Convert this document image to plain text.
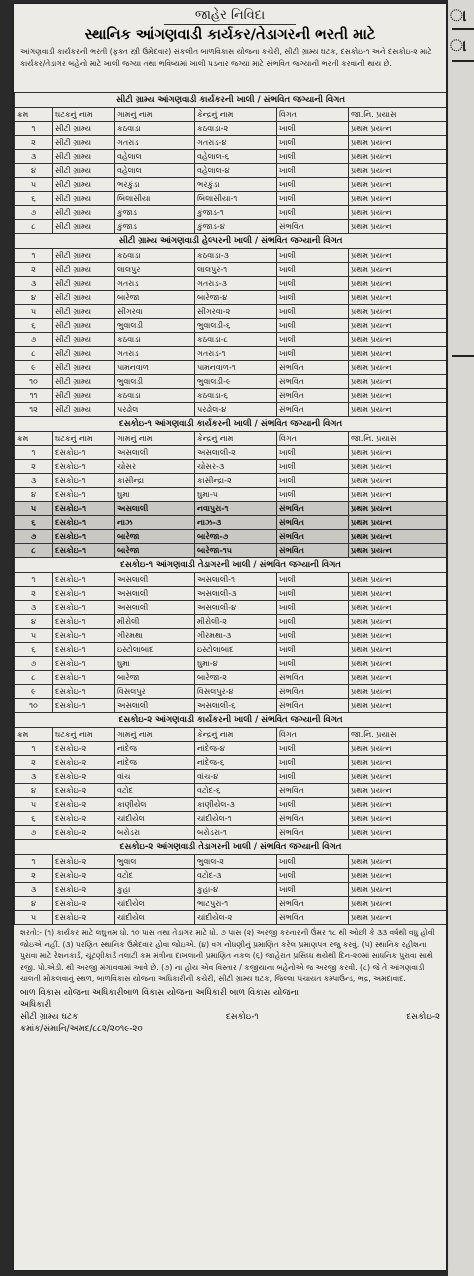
ા
ા
જાહેર નિવિદા
સ્થાનિક આંગણવાડી કાર્યકર/તેડાગરની ભરતી માટે
આંગણવાડી કાર્યકરની ભરતી (ફક્ત સ્ત્રી ઉમેદવાર) સંકલીત બાળવિકાસ યોજના કચેરી, સીટી ગ્રામ્ય ઘટક, દસકોઇ-૧ અને દસકોઇ-૨ માટે કાર્યકર/તેડાગર બહેનો માટે ખાલી જગ્યા તથા ભવિષ્યમાં ખાલી પડનાર જગ્યા માટે સંભવિત જગ્યાની ભરતી કરવાની થાય છે.
સીટી ગ્રામ્ય આંગણવાડી કાર્યકરની ખાલી / સંભવિત જગ્યાની વિગત					
ક્રમ	ઘટકનું નામ	ગામનું નામ	કેન્દ્રનું નામ	વિગત	જા.નિ. પ્રયાસ
૧	સીટી ગ્રામ્ય	કઠવાડા	કઠવાડા-૨	ખાલી	પ્રથમ પ્રયત્ન
૨	સીટી ગ્રામ્ય	ગતરાડ	ગતરાડ-૪	ખાલી	પ્રથમ પ્રયત્ન
૩	સીટી ગ્રામ્ય	વહેલાલ	વહેલાલ-૬	ખાલી	પ્રથમ પ્રયત્ન
૪	સીટી ગ્રામ્ય	વહેલાલ	વહેલાલ-૪	ખાલી	પ્રથમ પ્રયત્ન
૫	સીટી ગ્રામ્ય	ભરકુંડા	ભરકુંડા	ખાલી	પ્રથમ પ્રયત્ન
૬	સીટી ગ્રામ્ય	બિલાસીયા	બિલાસીયા-૧	ખાલી	પ્રથમ પ્રયત્ન
૭	સીટી ગ્રામ્ય	કુંજાડ	કુંજાડ-૧	ખાલી	પ્રથમ પ્રયત્ન
૮	સીટી ગ્રામ્ય	કુંજાડ	કુંજાડ-૪	સંભવિત	પ્રથમ પ્રયત્ન
સીટી ગ્રામ્ય આંગણવાડી હેલ્પરની ખાલી / સંભવિત જગ્યાની વિગત					
૧	સીટી ગ્રામ્ય	કઠવાડા	કઠવાડા-૩	ખાલી	પ્રથમ પ્રયત્ન
૨	સીટી ગ્રામ્ય	લાલપુર	લાલપુર-૧	ખાલી	પ્રથમ પ્રયત્ન
૩	સીટી ગ્રામ્ય	ગતરાડ	ગતરાડ-૩	ખાલી	પ્રથમ પ્રયત્ન
૪	સીટી ગ્રામ્ય	બારેજા	બારેજા-૪	ખાલી	પ્રથમ પ્રયત્ન
૫	સીટી ગ્રામ્ય	સીંગરવા	સીંગરવા-૨	ખાલી	પ્રથમ પ્રયત્ન
૬	સીટી ગ્રામ્ય	ભુવાલડી	ભુવાલડી-૬	ખાલી	પ્રથમ પ્રયત્ન
૭	સીટી ગ્રામ્ય	કઠવાડા	કઠવાડા-૮	ખાલી	પ્રથમ પ્રયત્ન
૮	સીટી ગ્રામ્ય	ગતરાડ	ગતરાડ-૧	ખાલી	પ્રથમ પ્રયત્ન
૯	સીટી ગ્રામ્ય	પામનવાળ	પામનવાળ-૧	સંભવિત	પ્રથમ પ્રયત્ન
૧૦	સીટી ગ્રામ્ય	ભુવાલડી	ભુવાલડી-૯	સંભવિત	પ્રથમ પ્રયત્ન
૧૧	સીટી ગ્રામ્ય	કઠવાડા	કઠવાડા-૬	સંભવિત	પ્રથમ પ્રયત્ન
૧૨	સીટી ગ્રામ્ય	પરઢોલ	પરઢોલ-૪	સંભવિત	પ્રથમ પ્રયત્ન
દસકોઇ-૧ આંગણવાડી કાર્યકરની ખાલી / સંભવિત જગ્યાની વિગત					
ક્રમ	ઘટકનું નામ	ગામનું નામ	કેન્દ્રનું નામ	વિગત	જા.નિ. પ્રયાસ
૧	દસકોઇ-૧	અસલાલી	અસલાલી-૨	ખાલી	પ્રથમ પ્રયત્ન
૨	દસકોઇ-૧	ચોસર	ચોસર-૩	ખાલી	પ્રથમ પ્રયત્ન
૩	દસકોઇ-૧	કાસીન્દ્રા	કાસીન્દ્રા-૨	ખાલી	પ્રથમ પ્રયત્ન
૪	દસકોઇ-૧	ઘુમા	ઘુમા-૫	ખાલી	પ્રથમ પ્રયત્ન
૫	દસકોઇ-૧	અસલાલી	નવાપુરા-૧	સંભવિત	પ્રથમ પ્રયત્ન
૬	દસકોઇ-૧	નાઝ	નાઝ-૩	સંભવિત	પ્રથમ પ્રયત્ન
૭	દસકોઇ-૧	બારેજા	બારેજા-૭	સંભવિત	પ્રથમ પ્રયત્ન
૮	દસકોઇ-૧	બારેજા	બારેજા-૧૫	સંભવિત	પ્રથમ પ્રયત્ન
દસકોઇ-૧ આંગણવાડી તેડાગરની ખાલી / સંભવિત જગ્યાની વિગત					
૧	દસકોઇ-૧	અસલાલી	અસલાલી-૧	ખાલી	પ્રથમ પ્રયત્ન
૨	દસકોઇ-૧	અસલાલી	અસલાલી-૩	ખાલી	પ્રથમ પ્રયત્ન
૩	દસકોઇ-૧	અસલાલી	અસલાલી-૪	ખાલી	પ્રથમ પ્રયત્ન
૪	દસકોઇ-૧	મીરોલી	મીરોલી-૨	ખાલી	પ્રથમ પ્રયત્ન
૫	દસકોઇ-૧	ગીરમથા	ગીરમથા-૩	ખાલી	પ્રથમ પ્રયત્ન
૬	દસકોઇ-૧	ઇસ્ટોલાબાદ	ઇસ્ટોલાબાદ	ખાલી	પ્રથમ પ્રયત્ન
૭	દસકોઇ-૧	ઘુમા	ઘુમા-૪	ખાલી	પ્રથમ પ્રયત્ન
૮	દસકોઇ-૧	બારેજા	બારેજા-૨	સંભવિત	પ્રથમ પ્રયત્ન
૯	દસકોઇ-૧	વિસલપુર	વિસલપુર-૪	સંભવિત	પ્રથમ પ્રયત્ન
૧૦	દસકોઇ-૧	અસલાલી	અસલાલી-૬	સંભવિત	પ્રથમ પ્રયત્ન
દસકોઇ-૨ આંગણવાડી કાર્યકરની ખાલી / સંભવિત જગ્યાની વિગત					
ક્રમ	ઘટકનું નામ	ગામનું નામ	કેન્દ્રનું નામ	વિગત	જા.નિ. પ્રયાસ
૧	દસકોઇ-૨	નાંદેજ	નાંદેજ-૪	ખાલી	પ્રથમ પ્રયત્ન
૨	દસકોઇ-૨	નાંદેજ	નાંદેજ-૬	ખાલી	પ્રથમ પ્રયત્ન
૩	દસકોઇ-૨	વાંચ	વાંચ-૪	ખાલી	પ્રથમ પ્રયત્ન
૪	દસકોઇ-૨	વટોદ	વટોદ-૬	સંભવિત	પ્રથમ પ્રયત્ન
૫	દસકોઇ-૨	કાણીયેલ	કાણીયેલ-૩	ખાલી	પ્રથમ પ્રયત્ન
૬	દસકોઇ-૨	ચાંદીયેલ	ચાંદીયેલ-૧	સંભવિત	પ્રથમ પ્રયત્ન
૭	દસકોઇ-૨	બરોડરા	બરોડરા-૧	સંભવિત	પ્રથમ પ્રયત્ન
દસકોઇ-૨ આંગણવાડી તેડાગરની ખાલી / સંભવિત જગ્યાની વિગત					
૧	દસકોઇ-૨	ભુવાલ	ભુવાલ-૨	ખાલી	પ્રથમ પ્રયત્ન
૨	દસકોઇ-૨	વટોદ	વટોદ-૩	ખાલી	પ્રથમ પ્રયત્ન
૩	દસકોઇ-૨	કુહા	કુહા-૪	ખાલી	પ્રથમ પ્રયત્ન
૪	દસકોઇ-૨	ચાંદીયેલ	ભાટપુરા-૧	સંભવિત	પ્રથમ પ્રયત્ન
૫	દસકોઇ-૨	ચાંદીયેલ	ચાંદીયેલ-૨	સંભવિત	પ્રથમ પ્રયત્ન
શરતો:- (૧) કાર્યકર માટે લઘુત્તમ ધો. ૧૦ પાસ તથા તેડાગર માટે ધો. ૭ પાસ (૨) અરજી કરનારની ઉંમર ૧૮ થી ઓછી કે ૩૩ વર્ષથી વધુ હોવી જોઇએ નહીં. (૩) પરણિત સ્થાનિક ઉમેદવાર હોવા જોઇએ. (૪) વગ નોંધણીનું પ્રમાણિત કરેલ પ્રમાણપત્ર રજુ કરવું. (૫) સ્થાનિક રહીશના પુરાવા માટે રેશનકાર્ડ, ચૂંટણીકાર્ડ તલાટી કમ મંત્રીના દાખલાની પ્રમાણિત નકલ (૬) જાહેરાત પ્રસિધ્ધ થયેથી દિન-૨૦માં સાધનિક પુરાવા સાથે રજી. પો.એડી. થી અરજી મંગાવવામાં આવે છે. (૭) ના હોય એવ વિસ્તાર / કજીયાના બહેનોએ જ અરજી કરવી. (૮) જે તે આંગણવાડી ચાલતી મોકલવાનું સ્થળ, બાળવિકાસ યોજના અધિકારીની કચેરી, સીટી ગ્રામ્ય ઘટક, જિલ્લા પંચાયત કમ્પાઉન્ડ, ભદ્ર, અમદાવાદ.
બાળ વિકાસ યોજના અધિકારીબાળ વિકાસ યોજના અધિકારી બાળ વિકાસ યોજના
અધિકારી
સીટી ગ્રામ્ય ઘટક	દસકોઇ-૧	દસકોઇ-૨
ક્રમાંક/સંમાનિ/અમદ/૮૮૨/૨૦૧૯-૨૦
